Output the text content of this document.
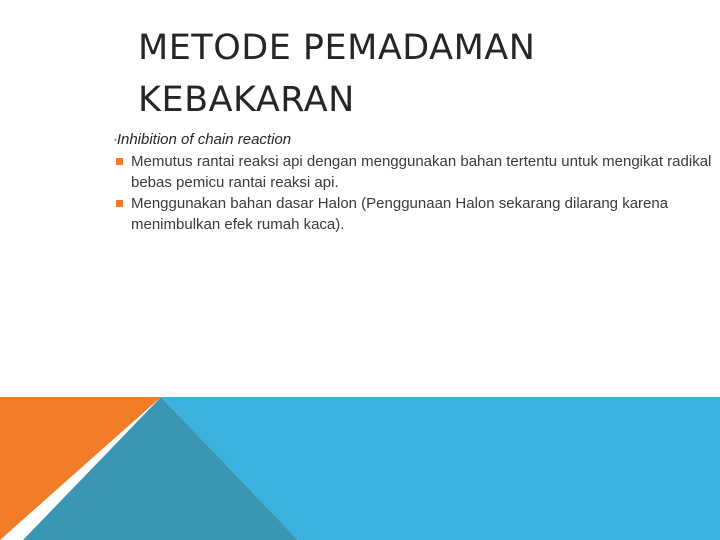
METODE PEMADAMAN
KEBAKARAN

•Inhibition of chain reaction

Memutus rantai reaksi api dengan menggunakan bahan tertentu untuk mengikat radikal bebas pemicu rantai reaksi api.
Menggunakan bahan dasar Halon (Penggunaan Halon sekarang dilarang karena menimbulkan efek rumah kaca).
